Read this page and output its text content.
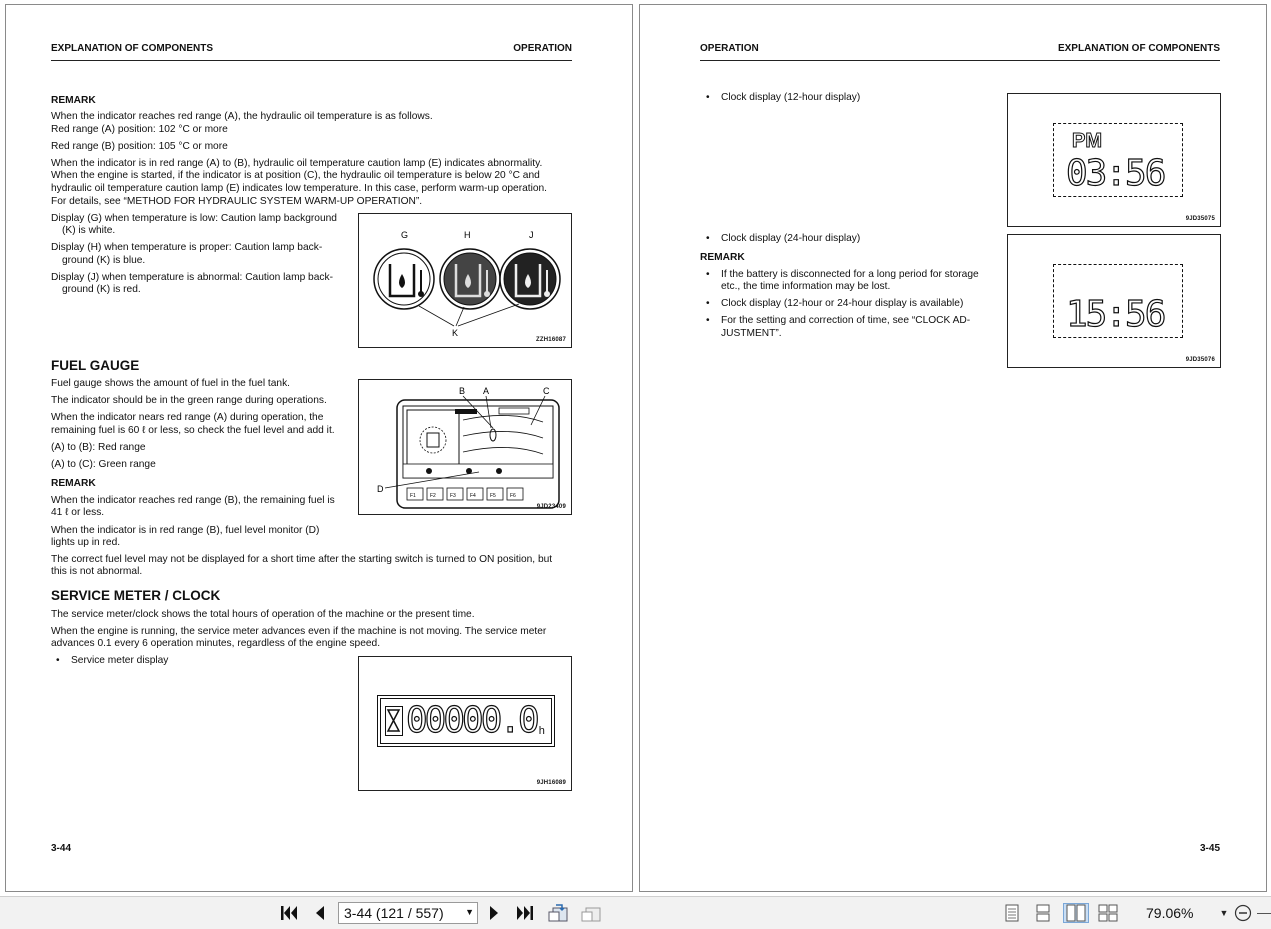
EXPLANATION OF COMPONENTS	OPERATION
REMARK
When the indicator reaches red range (A), the hydraulic oil temperature is as follows.
Red range (A) position: 102 °C or more
Red range (B) position: 105 °C or more
When the indicator is in red range (A) to (B), hydraulic oil temperature caution lamp (E) indicates abnormality.
When the engine is started, if the indicator is at position (C), the hydraulic oil temperature is below 20 °C and
hydraulic oil temperature caution lamp (E) indicates low temperature. In this case, perform warm-up operation.
For details, see “METHOD FOR HYDRAULIC SYSTEM WARM-UP OPERATION”.
Display (G) when temperature is low: Caution lamp background
(K) is white.
Display (H) when temperature is proper: Caution lamp back-
ground (K) is blue.
Display (J) when temperature is abnormal: Caution lamp back-
ground (K) is red.
G	H	J
K
ZZH16087
FUEL GAUGE
Fuel gauge shows the amount of fuel in the fuel tank.
The indicator should be in the green range during operations.
When the indicator nears red range (A) during operation, the
remaining fuel is 60 ℓ or less, so check the fuel level and add it.
(A) to (B): Red range
(A) to (C): Green range
REMARK
When the indicator reaches red range (B), the remaining fuel is
41 ℓ or less.
When the indicator is in red range (B), fuel level monitor (D)
lights up in red.
The correct fuel level may not be displayed for a short time after the starting switch is turned to ON position, but
this is not abnormal.
B A	C
D
F1	F2	F3	F4	F5	F6
9JD23409
SERVICE METER / CLOCK
The service meter/clock shows the total hours of operation of the machine or the present time.
When the engine is running, the service meter advances even if the machine is not moving. The service meter
advances 0.1 every 6 operation minutes, regardless of the engine speed.
• Service meter display
00000.0 h
9JH16089
3-44
OPERATION	EXPLANATION OF COMPONENTS
• Clock display (12-hour display)
PM
03:56
9JD35075
• Clock display (24-hour display)
REMARK
• If the battery is disconnected for a long period for storage
etc., the time information may be lost.
• Clock display (12-hour or 24-hour display is available)
• For the setting and correction of time, see “CLOCK AD-
JUSTMENT”.	15:56
9JD35076
3-45
3-44 (121 / 557) ▼	79.06%	▼
